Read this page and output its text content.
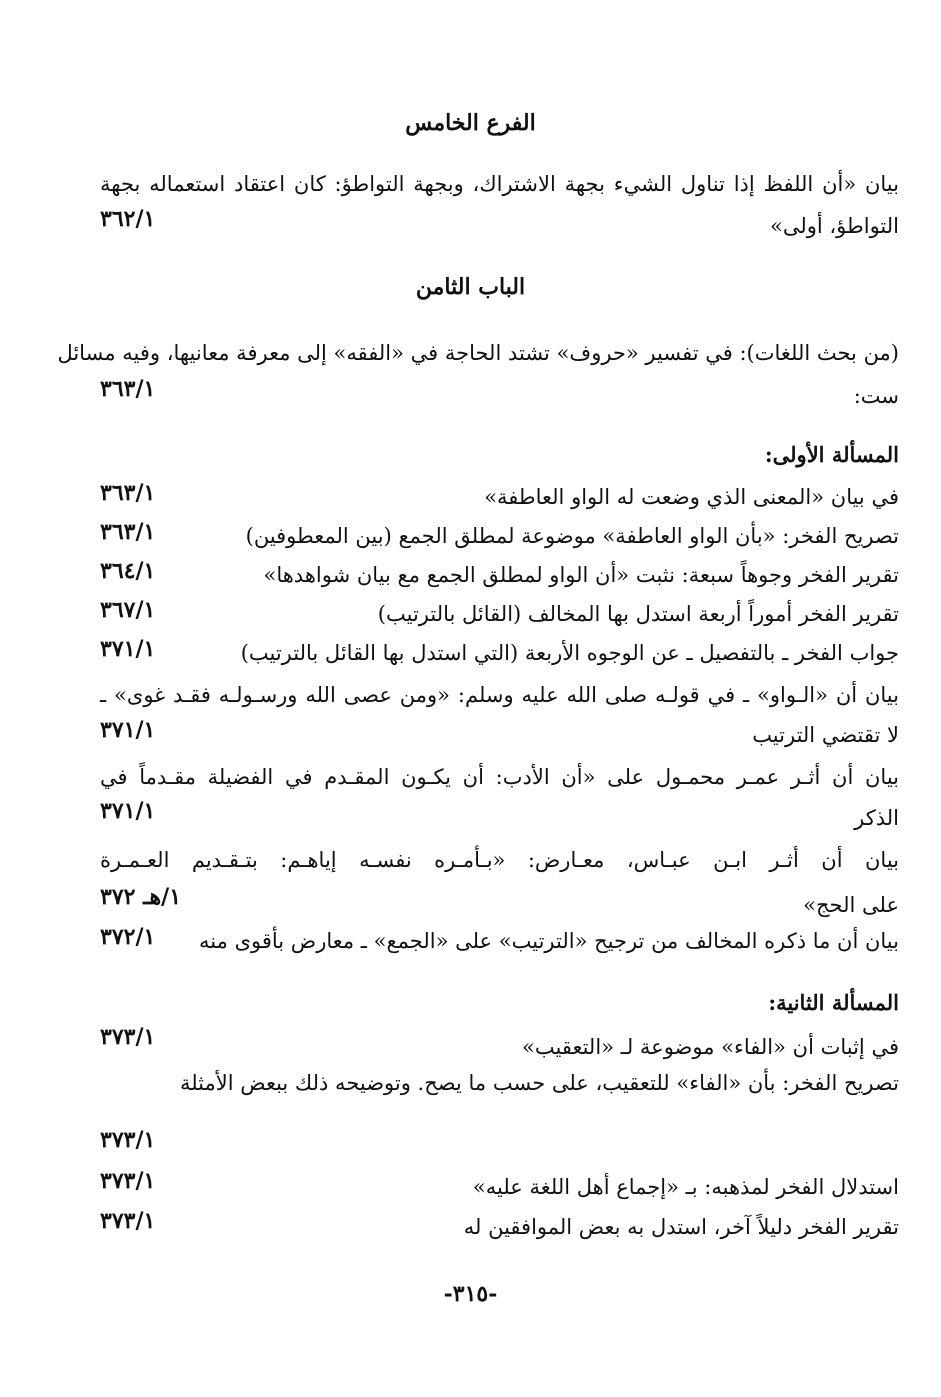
الفرع الخامس
بيان «أن اللفظ إذا تناول الشيء بجهة الاشتراك، وبجهة التواطؤ: كان اعتقاد استعماله بجهة
التواطؤ، أولى»
٣٦٢/١
الباب الثامن
(من بحث اللغات): في تفسير «حروف» تشتد الحاجة في «الفقه» إلى معرفة معانيها، وفيه مسائل
ست:
٣٦٣/١
المسألة الأولى:
في بيان «المعنى الذي وضعت له الواو العاطفة»
٣٦٣/١
تصريح الفخر: «بأن الواو العاطفة» موضوعة لمطلق الجمع (بين المعطوفين)
٣٦٣/١
تقرير الفخر وجوهاً سبعة: نثبت «أن الواو لمطلق الجمع مع بيان شواهدها»
٣٦٤/١
تقرير الفخر أموراً أربعة استدل بها المخالف (القائل بالترتيب)
٣٦٧/١
جواب الفخر ـ بالتفصيل ـ عن الوجوه الأربعة (التي استدل بها القائل بالترتيب)
٣٧١/١
بيان أن «الـواو» ـ في قولـه صلى الله عليه وسلم: «ومن عصى الله ورسـولـه فقـد غوى» ـ
لا تقتضي الترتيب
٣٧١/١
بيان أن أثـر عمـر محمـول على «أن الأدب: أن يكـون المقـدم في الفضيلة مقـدماً في
الذكر
٣٧١/١
بيان أن أثـر ابـن عبـاس، معـارض: «بـأمـره نفسـه إياهـم: بتـقـديم العـمـرة
على الحج»
١/هـ ٣٧٢
بيان أن ما ذكره المخالف من ترجيح «الترتيب» على «الجمع» ـ معارض بأقوى منه
٣٧٢/١
المسألة الثانية:
في إثبات أن «الفاء» موضوعة لـ «التعقيب»
٣٧٣/١
تصريح الفخر: بأن «الفاء» للتعقيب، على حسب ما يصح. وتوضيحه ذلك ببعض الأمثلة
٣٧٣/١
استدلال الفخر لمذهبه: بـ «إجماع أهل اللغة عليه»
٣٧٣/١
تقرير الفخر دليلاً آخر، استدل به بعض الموافقين له
٣٧٣/١
-٣١٥-
